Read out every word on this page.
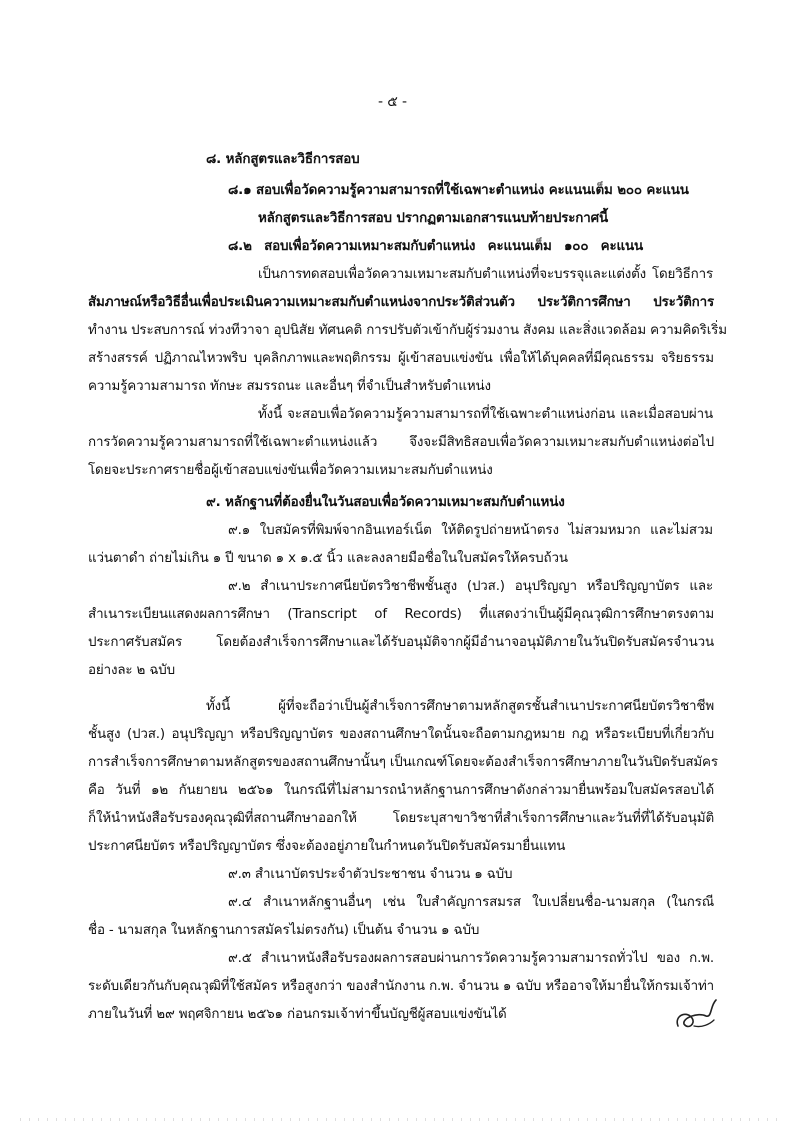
- ๕ -
๘. หลักสูตรและวิธีการสอบ
๘.๑ สอบเพื่อวัดความรู้ความสามารถที่ใช้เฉพาะตำแหน่ง คะแนนเต็ม ๒๐๐ คะแนน
หลักสูตรและวิธีการสอบ ปรากฏตามเอกสารแนบท้ายประกาศนี้
๘.๒ สอบเพื่อวัดความเหมาะสมกับตำแหน่ง คะแนนเต็ม ๑๐๐ คะแนน
เป็นการทดสอบเพื่อวัดความเหมาะสมกับตำแหน่งที่จะบรรจุและแต่งตั้ง โดยวิธีการ
สัมภาษณ์หรือวิธีอื่นเพื่อประเมินความเหมาะสมกับตำแหน่งจากประวัติส่วนตัว ประวัติการศึกษา ประวัติการ
ทำงาน ประสบการณ์ ท่วงทีวาจา อุปนิสัย ทัศนคติ การปรับตัวเข้ากับผู้ร่วมงาน สังคม และสิ่งแวดล้อม ความคิดริเริ่ม
สร้างสรรค์ ปฏิภาณไหวพริบ บุคลิกภาพและพฤติกรรม ผู้เข้าสอบแข่งขัน เพื่อให้ได้บุคคลที่มีคุณธรรม จริยธรรม
ความรู้ความสามารถ ทักษะ สมรรถนะ และอื่นๆ ที่จำเป็นสำหรับตำแหน่ง
ทั้งนี้ จะสอบเพื่อวัดความรู้ความสามารถที่ใช้เฉพาะตำแหน่งก่อน และเมื่อสอบผ่าน
การวัดความรู้ความสามารถที่ใช้เฉพาะตำแหน่งแล้ว จึงจะมีสิทธิสอบเพื่อวัดความเหมาะสมกับตำแหน่งต่อไป
โดยจะประกาศรายชื่อผู้เข้าสอบแข่งขันเพื่อวัดความเหมาะสมกับตำแหน่ง
๙. หลักฐานที่ต้องยื่นในวันสอบเพื่อวัดความเหมาะสมกับตำแหน่ง
๙.๑ ใบสมัครที่พิมพ์จากอินเทอร์เน็ต ให้ติดรูปถ่ายหน้าตรง ไม่สวมหมวก และไม่สวม
แว่นตาดำ ถ่ายไม่เกิน ๑ ปี ขนาด ๑ x ๑.๕ นิ้ว และลงลายมือชื่อในใบสมัครให้ครบถ้วน
๙.๒ สำเนาประกาศนียบัตรวิชาชีพชั้นสูง (ปวส.) อนุปริญญา หรือปริญญาบัตร และ
สำเนาระเบียนแสดงผลการศึกษา (Transcript of Records) ที่แสดงว่าเป็นผู้มีคุณวุฒิการศึกษาตรงตาม
ประกาศรับสมัคร โดยต้องสำเร็จการศึกษาและได้รับอนุมัติจากผู้มีอำนาจอนุมัติภายในวันปิดรับสมัครจำนวน
อย่างละ ๒ ฉบับ
ทั้งนี้ ผู้ที่จะถือว่าเป็นผู้สำเร็จการศึกษาตามหลักสูตรชั้นสำเนาประกาศนียบัตรวิชาชีพ
ชั้นสูง (ปวส.) อนุปริญญา หรือปริญญาบัตร ของสถานศึกษาใดนั้นจะถือตามกฎหมาย กฎ หรือระเบียบที่เกี่ยวกับ
การสำเร็จการศึกษาตามหลักสูตรของสถานศึกษานั้นๆ เป็นเกณฑ์โดยจะต้องสำเร็จการศึกษาภายในวันปิดรับสมัคร
คือ วันที่ ๑๒ กันยายน ๒๕๖๑ ในกรณีที่ไม่สามารถนำหลักฐานการศึกษาดังกล่าวมายื่นพร้อมใบสมัครสอบได้
ก็ให้นำหนังสือรับรองคุณวุฒิที่สถานศึกษาออกให้ โดยระบุสาขาวิชาที่สำเร็จการศึกษาและวันที่ที่ได้รับอนุมัติ
ประกาศนียบัตร หรือปริญญาบัตร ซึ่งจะต้องอยู่ภายในกำหนดวันปิดรับสมัครมายื่นแทน
๙.๓ สำเนาบัตรประจำตัวประชาชน จำนวน ๑ ฉบับ
๙.๔ สำเนาหลักฐานอื่นๆ เช่น ใบสำคัญการสมรส ใบเปลี่ยนชื่อ-นามสกุล (ในกรณี
ชื่อ - นามสกุล ในหลักฐานการสมัครไม่ตรงกัน) เป็นต้น จำนวน ๑ ฉบับ
๙.๕ สำเนาหนังสือรับรองผลการสอบผ่านการวัดความรู้ความสามารถทั่วไป ของ ก.พ.
ระดับเดียวกันกับคุณวุฒิที่ใช้สมัคร หรือสูงกว่า ของสำนักงาน ก.พ. จำนวน ๑ ฉบับ หรืออาจให้มายื่นให้กรมเจ้าท่า
ภายในวันที่ ๒๙ พฤศจิกายน ๒๕๖๑ ก่อนกรมเจ้าท่าขึ้นบัญชีผู้สอบแข่งขันได้
